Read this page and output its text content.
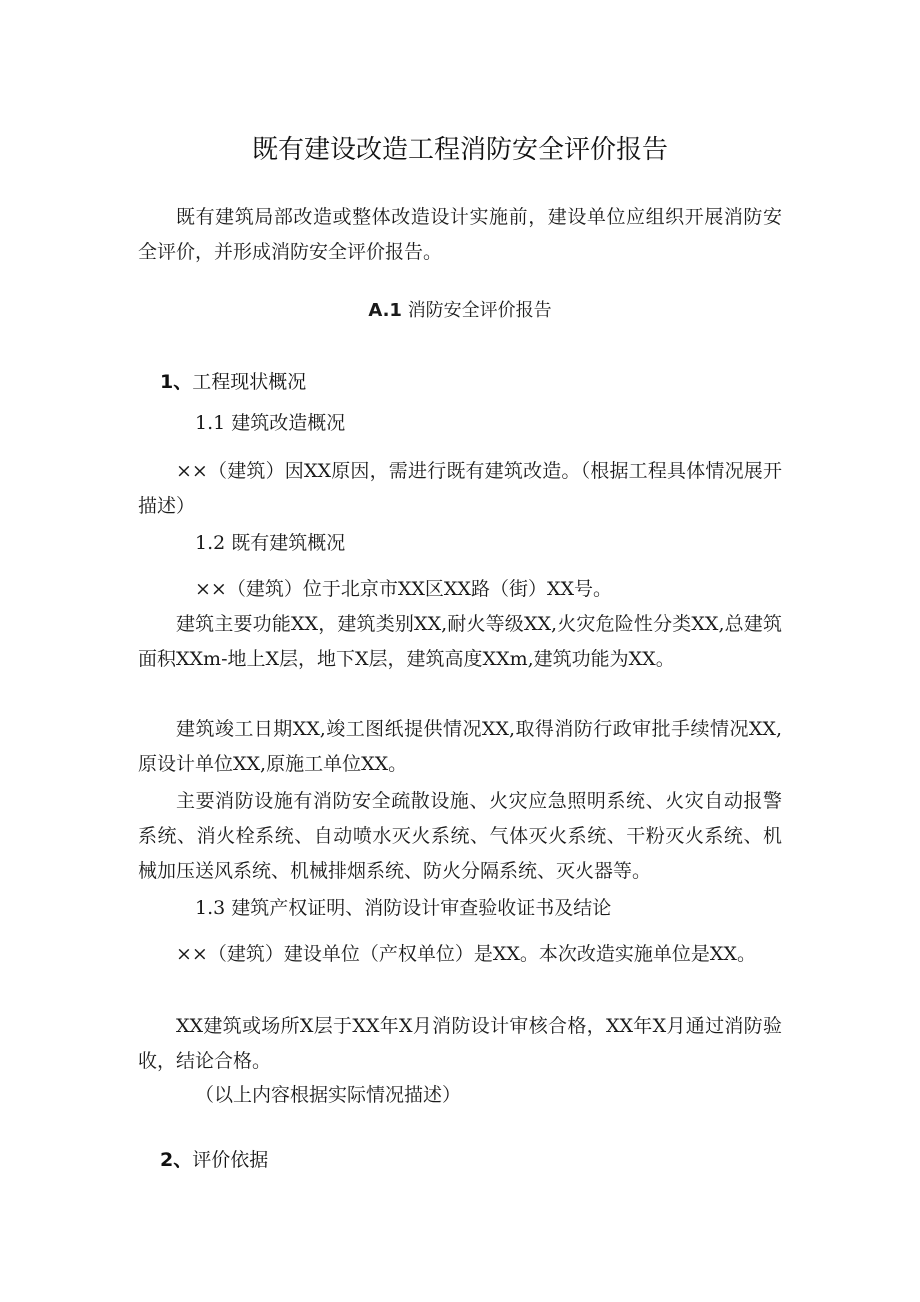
既有建设改造工程消防安全评价报告
既有建筑局部改造或整体改造设计实施前，建设单位应组织开展消防安全评价，并形成消防安全评价报告。
A.1 消防安全评价报告
1、工程现状概况
1.1 建筑改造概况
××（建筑）因XX原因，需进行既有建筑改造。（根据工程具体情况展开描述）
1.2 既有建筑概况
××（建筑）位于北京市XX区XX路（街）XX号。
建筑主要功能XX，建筑类别XX,耐火等级XX,火灾危险性分类XX,总建筑面积XXm-地上X层，地下X层，建筑高度XXm,建筑功能为XX。
建筑竣工日期XX,竣工图纸提供情况XX,取得消防行政审批手续情况XX,原设计单位XX,原施工单位XX。
主要消防设施有消防安全疏散设施、火灾应急照明系统、火灾自动报警系统、消火栓系统、自动喷水灭火系统、气体灭火系统、干粉灭火系统、机械加压送风系统、机械排烟系统、防火分隔系统、灭火器等。
1.3 建筑产权证明、消防设计审查验收证书及结论
××（建筑）建设单位（产权单位）是XX。本次改造实施单位是XX。
XX建筑或场所X层于XX年X月消防设计审核合格，XX年X月通过消防验收，结论合格。
（以上内容根据实际情况描述）
2、评价依据
